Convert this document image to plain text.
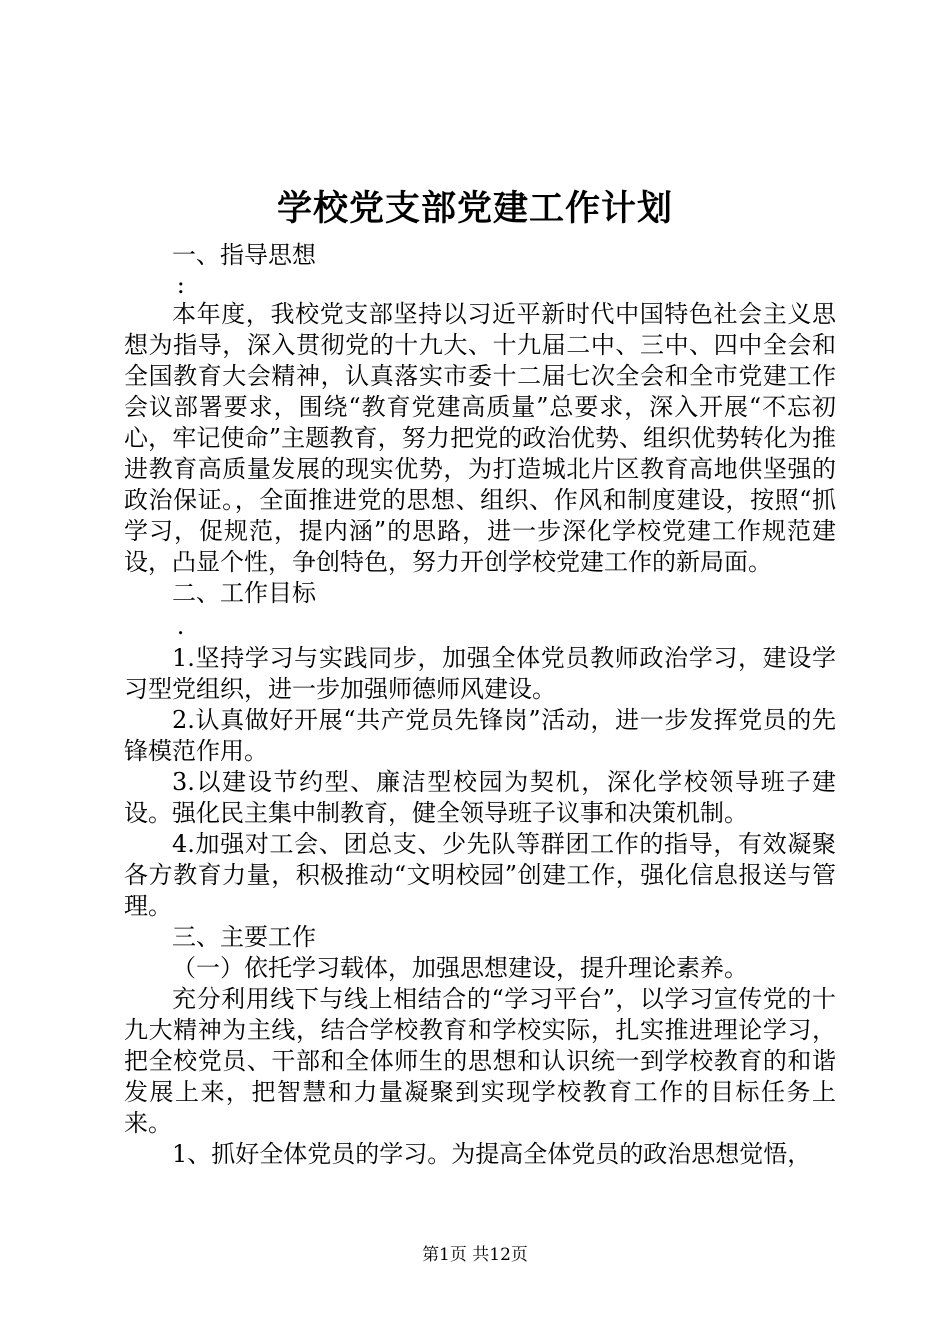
学校党支部党建工作计划

一、指导思想

:

本年度，我校党支部坚持以习近平新时代中国特色社会主义思想为指导，深入贯彻党的十九大、十九届二中、三中、四中全会和全国教育大会精神，认真落实市委十二届七次全会和全市党建工作会议部署要求，围绕“教育党建高质量”总要求，深入开展“不忘初心，牢记使命”主题教育，努力把党的政治优势、组织优势转化为推进教育高质量发展的现实优势，为打造城北片区教育高地供坚强的政治保证。，全面推进党的思想、组织、作风和制度建设，按照“抓学习，促规范，提内涵”的思路，进一步深化学校党建工作规范建设，凸显个性，争创特色，努力开创学校党建工作的新局面。

二、工作目标

.

1.坚持学习与实践同步，加强全体党员教师政治学习，建设学习型党组织，进一步加强师德师风建设。

2.认真做好开展“共产党员先锋岗”活动，进一步发挥党员的先锋模范作用。

3.以建设节约型、廉洁型校园为契机，深化学校领导班子建设。强化民主集中制教育，健全领导班子议事和决策机制。

4.加强对工会、团总支、少先队等群团工作的指导，有效凝聚各方教育力量，积极推动“文明校园”创建工作，强化信息报送与管理。

三、主要工作

（一）依托学习载体，加强思想建设，提升理论素养。

充分利用线下与线上相结合的“学习平台”，以学习宣传党的十九大精神为主线，结合学校教育和学校实际，扎实推进理论学习，把全校党员、干部和全体师生的思想和认识统一到学校教育的和谐发展上来，把智慧和力量凝聚到实现学校教育工作的目标任务上来。

1、抓好全体党员的学习。为提高全体党员的政治思想觉悟，

第1页 共12页
